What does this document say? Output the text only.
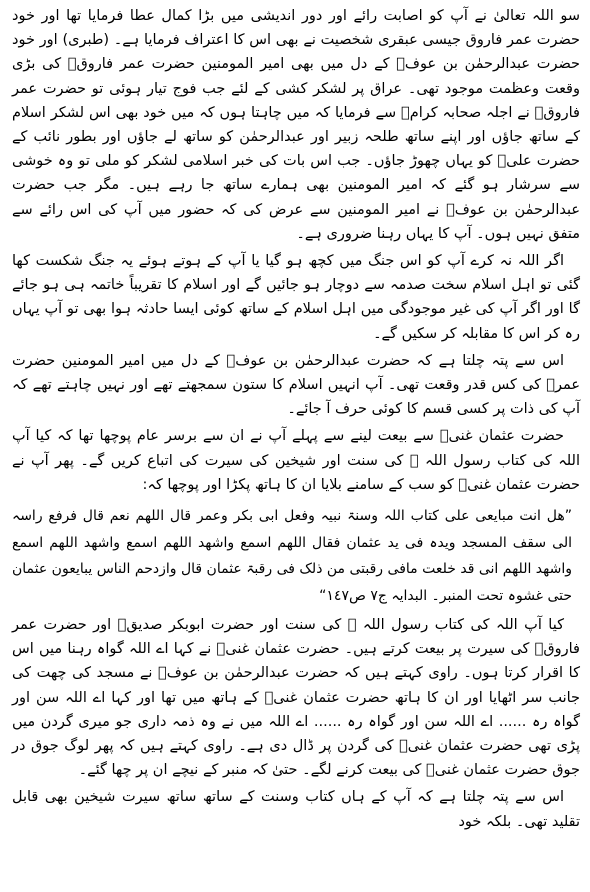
سو اللہ تعالیٰ نے آپ کو اصابت رائے اور دور اندیشی میں بڑا کمال عطا فرمایا تھا اور خود حضرت عمر فاروق جیسی عبقری شخصیت نے بھی اس کا اعتراف فرمایا ہے۔ (طبری) اور خود حضرت عبدالرحمٰن بن عوفؓ کے دل میں بھی امیر المومنین حضرت عمر فاروقؓ کی بڑی وقعت وعظمت موجود تھی۔ عراق پر لشکر کشی کے لئے جب فوج تیار ہوئی تو حضرت عمر فاروقؓ نے اجلہ صحابہ کرامؓ سے فرمایا کہ میں چاہتا ہوں کہ میں خود بھی اس لشکر اسلام کے ساتھ جاؤں اور اپنے ساتھ طلحہ زبیر اور عبدالرحمٰن کو ساتھ لے جاؤں اور بطور نائب کے حضرت علیؓ کو یہاں چھوڑ جاؤں۔ جب اس بات کی خبر اسلامی لشکر کو ملی تو وہ خوشی سے سرشار ہو گئے کہ امیر المومنین بھی ہمارے ساتھ جا رہے ہیں۔ مگر جب حضرت عبدالرحمٰن بن عوفؓ نے امیر المومنین سے عرض کی کہ حضور میں آپ کی اس رائے سے متفق نہیں ہوں۔ آپ کا یہاں رہنا ضروری ہے۔

اگر اللہ نہ کرے آپ کو اس جنگ میں کچھ ہو گیا یا آپ کے ہوتے ہوئے یہ جنگ شکست کھا گئی تو اہل اسلام سخت صدمہ سے دوچار ہو جائیں گے اور اسلام کا تقریباً خاتمہ ہی ہو جائے گا اور اگر آپ کی غیر موجودگی میں اہل اسلام کے ساتھ کوئی ایسا حادثہ ہوا بھی تو آپ یہاں رہ کر اس کا مقابلہ کر سکیں گے۔

اس سے پتہ چلتا ہے کہ حضرت عبدالرحمٰن بن عوفؓ کے دل میں امیر المومنین حضرت عمرؓ کی کس قدر وقعت تھی۔ آپ انہیں اسلام کا ستون سمجھتے تھے اور نہیں چاہتے تھے کہ آپ کی ذات پر کسی قسم کا کوئی حرف آ جائے۔

حضرت عثمان غنیؓ سے بیعت لینے سے پہلے آپ نے ان سے برسر عام پوچھا تھا کہ کیا آپ اللہ کی کتاب رسول اللہ ﷺ کی سنت اور شیخین کی سیرت کی اتباع کریں گے۔ پھر آپ نے حضرت عثمان غنیؓ کو سب کے سامنے بلایا ان کا ہاتھ پکڑا اور پوچھا کہ:

”ھل انت مبایعی علی کتاب اللہ وسنۃ نبیہ وفعل ابی بکر وعمر قال اللھم نعم قال فرفع راسہ الی سقف المسجد ویدہ فی ید عثمان فقال اللھم اسمع واشھد اللھم اسمع واشھد اللھم اسمع واشھد اللھم انی قد خلعت مافی رقبتی من ذلک فی رقبۃ عثمان قال وازدحم الناس یبایعون عثمان حتی غشوہ تحت المنبر۔ البدایہ ج٧ ص١٤٧“

کیا آپ اللہ کی کتاب رسول اللہ ﷺ کی سنت اور حضرت ابوبکر صدیقؓ اور حضرت عمر فاروقؓ کی سیرت پر بیعت کرتے ہیں۔ حضرت عثمان غنیؓ نے کہا اے اللہ گواہ رہنا میں اس کا اقرار کرتا ہوں۔ راوی کہتے ہیں کہ حضرت عبدالرحمٰن بن عوفؓ نے مسجد کی چھت کی جانب سر اٹھایا اور ان کا ہاتھ حضرت عثمان غنیؓ کے ہاتھ میں تھا اور کہا اے اللہ سن اور گواہ رہ ...... اے اللہ سن اور گواہ رہ ...... اے اللہ میں نے وہ ذمہ داری جو میری گردن میں پڑی تھی حضرت عثمان غنیؓ کی گردن پر ڈال دی ہے۔ راوی کہتے ہیں کہ پھر لوگ جوق در جوق حضرت عثمان غنیؓ کی بیعت کرنے لگے۔ حتیٰ کہ منبر کے نیچے ان پر چھا گئے۔

اس سے پتہ چلتا ہے کہ آپ کے ہاں کتاب وسنت کے ساتھ ساتھ سیرت شیخین بھی قابل تقلید تھی۔ بلکہ خود
